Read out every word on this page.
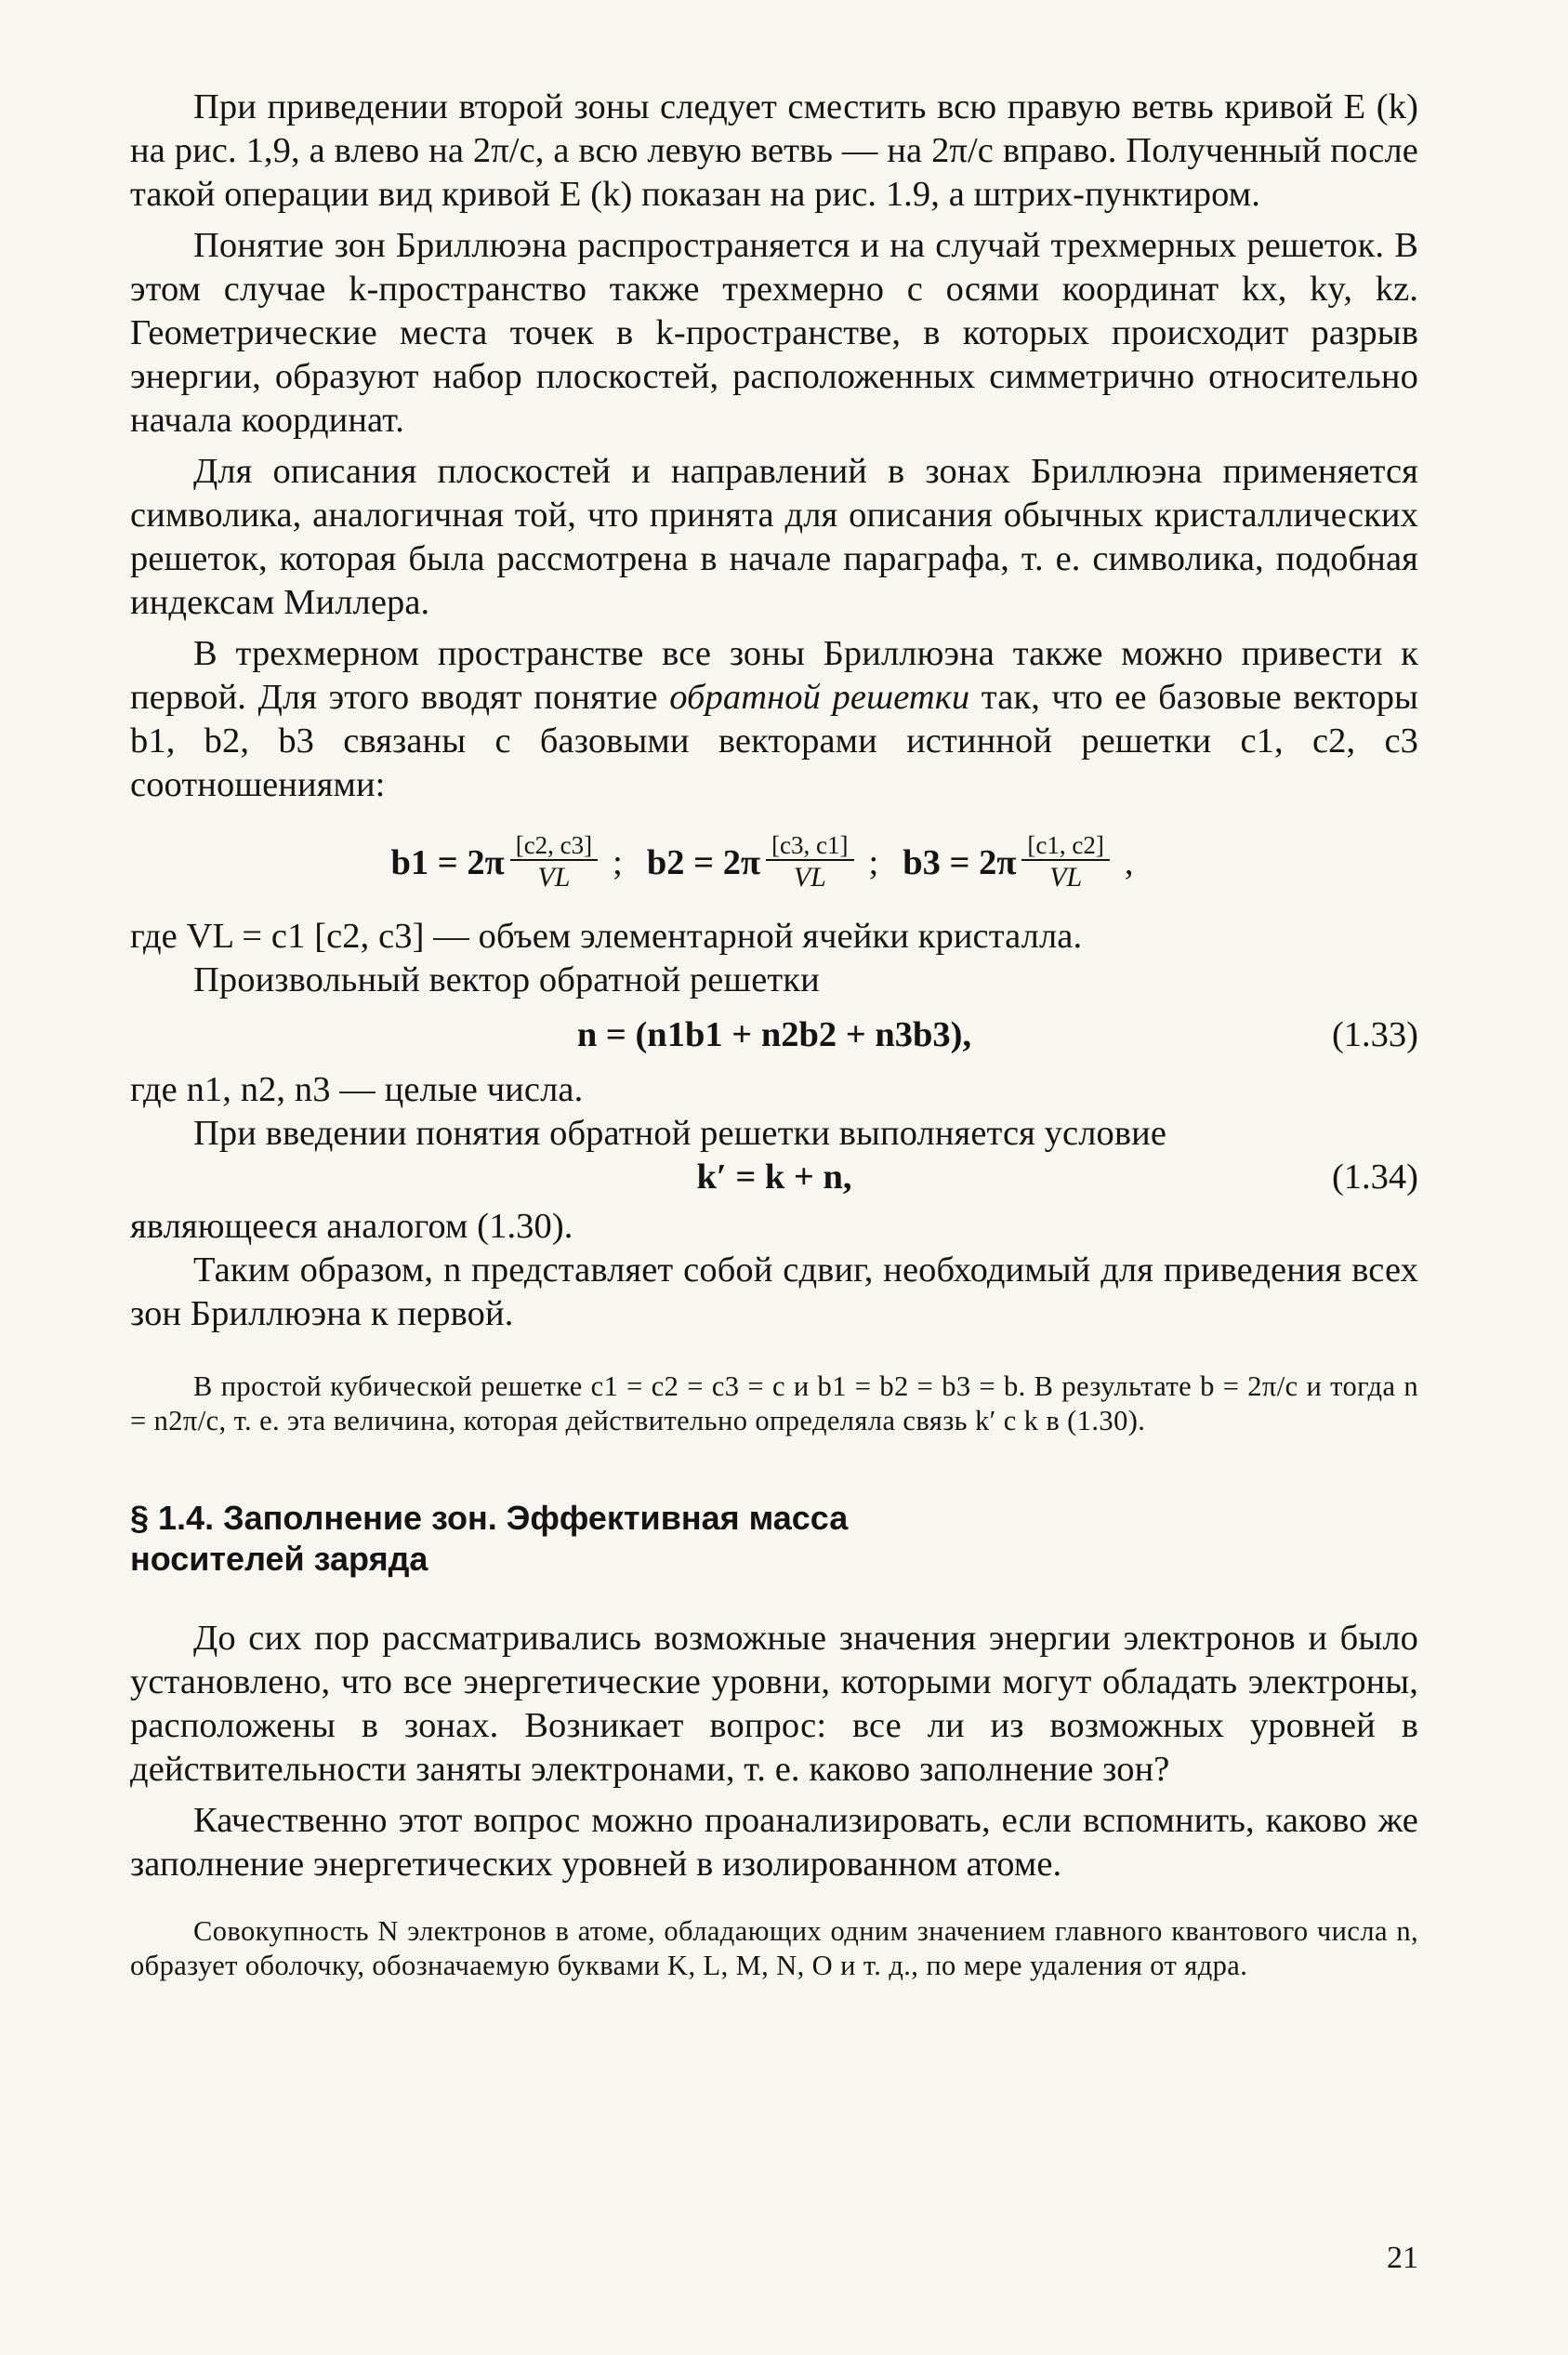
При приведении второй зоны следует сместить всю правую ветвь кривой E (k) на рис. 1,9, а влево на 2π/c, а всю левую ветвь — на 2π/c вправо. Полученный после такой операции вид кривой E (k) показан на рис. 1.9, а штрих-пунктиром.

Понятие зон Бриллюэна распространяется и на случай трехмерных решеток. В этом случае k-пространство также трехмерно с осями координат kx, ky, kz. Геометрические места точек в k-пространстве, в которых происходит разрыв энергии, образуют набор плоскостей, расположенных симметрично относительно начала координат.

Для описания плоскостей и направлений в зонах Бриллюэна применяется символика, аналогичная той, что принята для описания обычных кристаллических решеток, которая была рассмотрена в начале параграфа, т. е. символика, подобная индексам Миллера.

В трехмерном пространстве все зоны Бриллюэна также можно привести к первой. Для этого вводят понятие обратной решетки так, что ее базовые векторы b1, b2, b3 связаны с базовыми векторами истинной решетки c1, c2, c3 соотношениями:

$b1 = 2\pi \frac{[c2, c3]}{VL}$ ; $b2 = 2\pi \frac{[c3, c1]}{VL}$ ; $b3 = 2\pi \frac{[c1, c2]}{VL}$ ,

где VL = c1 [c2, c3] — объем элементарной ячейки кристалла.

Произвольный вектор обратной решетки

n = (n1b1 + n2b2 + n3b3),	(1.33)

где n1, n2, n3 — целые числа.

При введении понятия обратной решетки выполняется условие

k′ = k + n,	(1.34)

являющееся аналогом (1.30).

Таким образом, n представляет собой сдвиг, необходимый для приведения всех зон Бриллюэна к первой.

В простой кубической решетке c1 = c2 = c3 = c и b1 = b2 = b3 = b. В результате b = 2π/c и тогда n = n2π/c, т. е. эта величина, которая действительно определяла связь k′ с k в (1.30).

§ 1.4. Заполнение зон. Эффективная масса
носителей заряда

До сих пор рассматривались возможные значения энергии электронов и было установлено, что все энергетические уровни, которыми могут обладать электроны, расположены в зонах. Возникает вопрос: все ли из возможных уровней в действительности заняты электронами, т. е. каково заполнение зон?

Качественно этот вопрос можно проанализировать, если вспомнить, каково же заполнение энергетических уровней в изолированном атоме.

Совокупность N электронов в атоме, обладающих одним значением главного квантового числа n, образует оболочку, обозначаемую буквами K, L, M, N, O и т. д., по мере удаления от ядра.

21
